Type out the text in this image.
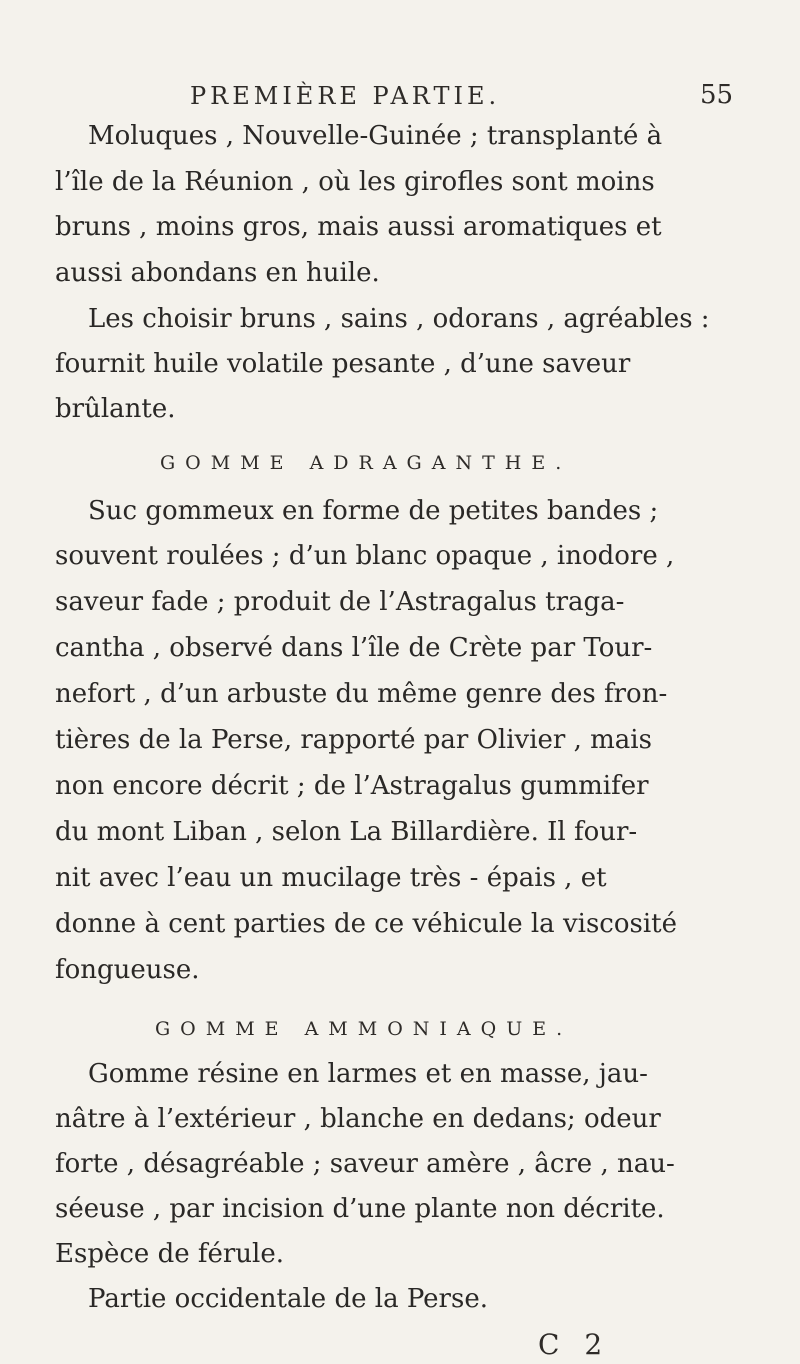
PREMIÈRE PARTIE.	55
Moluques , Nouvelle-Guinée ; transplanté à
l’île de la Réunion , où les girofles sont moins
bruns , moins gros, mais aussi aromatiques et
aussi abondans en huile.
Les choisir bruns , sains , odorans , agréables :
fournit huile volatile pesante , d’une saveur
brûlante.
GOMME ADRAGANTHE.
Suc gommeux en forme de petites bandes ;
souvent roulées ; d’un blanc opaque , inodore ,
saveur fade ; produit de l’Astragalus traga-
cantha , observé dans l’île de Crète par Tour-
nefort , d’un arbuste du même genre des fron-
tières de la Perse, rapporté par Olivier , mais
non encore décrit ; de l’Astragalus gummifer
du mont Liban , selon La Billardière. Il four-
nit avec l’eau un mucilage très - épais , et
donne à cent parties de ce véhicule la viscosité
fongueuse.
GOMME AMMONIAQUE.
Gomme résine en larmes et en masse, jau-
nâtre à l’extérieur , blanche en dedans; odeur
forte , désagréable ; saveur amère , âcre , nau-
séeuse , par incision d’une plante non décrite.
Espèce de férule.
Partie occidentale de la Perse.
C 2
